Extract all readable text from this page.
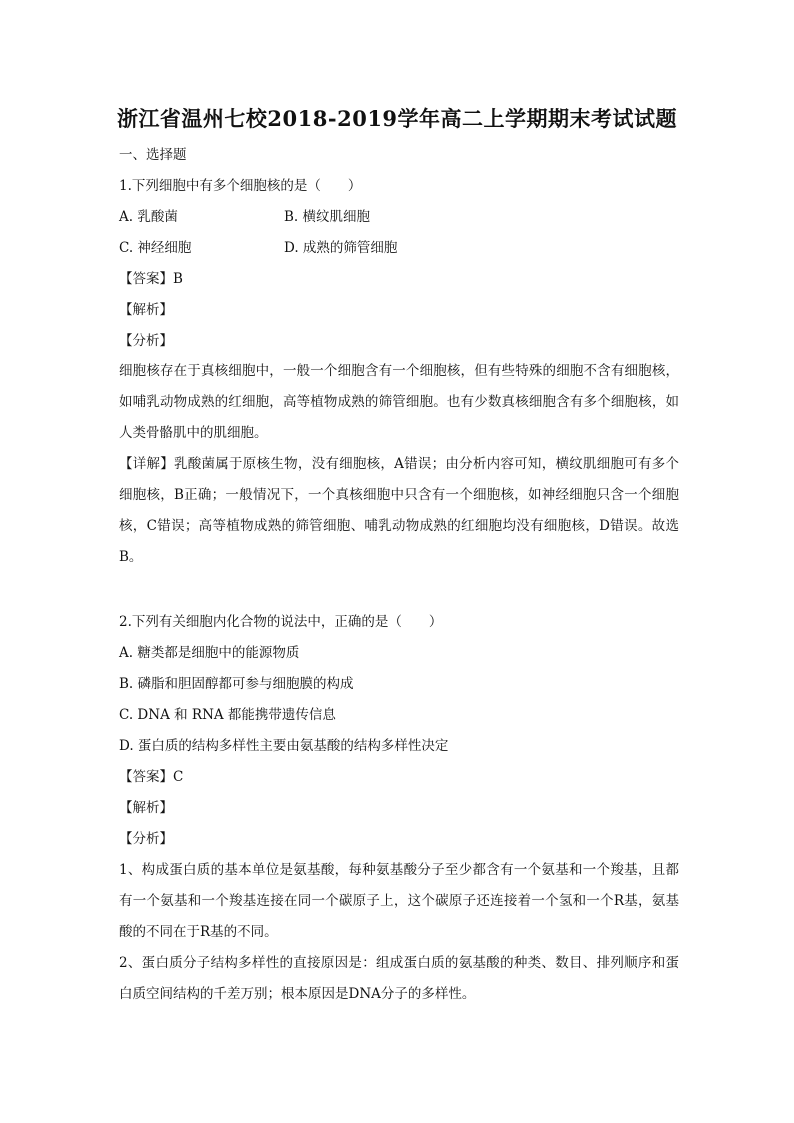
浙江省温州七校2018-2019学年高二上学期期末考试试题
一、选择题
1.下列细胞中有多个细胞核的是（　　）
A. 乳酸菌	B. 横纹肌细胞
C. 神经细胞	D. 成熟的筛管细胞
【答案】B
【解析】
【分析】
细胞核存在于真核细胞中，一般一个细胞含有一个细胞核，但有些特殊的细胞不含有细胞核，如哺乳动物成熟的红细胞，高等植物成熟的筛管细胞。也有少数真核细胞含有多个细胞核，如人类骨骼肌中的肌细胞。
【详解】乳酸菌属于原核生物，没有细胞核，A错误；由分析内容可知，横纹肌细胞可有多个细胞核，B正确；一般情况下，一个真核细胞中只含有一个细胞核，如神经细胞只含一个细胞核，C错误；高等植物成熟的筛管细胞、哺乳动物成熟的红细胞均没有细胞核，D错误。故选B。
2.下列有关细胞内化合物的说法中，正确的是（　　）
A. 糖类都是细胞中的能源物质
B. 磷脂和胆固醇都可参与细胞膜的构成
C. DNA 和 RNA 都能携带遗传信息
D. 蛋白质的结构多样性主要由氨基酸的结构多样性决定
【答案】C
【解析】
【分析】
1、构成蛋白质的基本单位是氨基酸，每种氨基酸分子至少都含有一个氨基和一个羧基，且都有一个氨基和一个羧基连接在同一个碳原子上，这个碳原子还连接着一个氢和一个R基，氨基酸的不同在于R基的不同。
2、蛋白质分子结构多样性的直接原因是：组成蛋白质的氨基酸的种类、数目、排列顺序和蛋白质空间结构的千差万别；根本原因是DNA分子的多样性。
